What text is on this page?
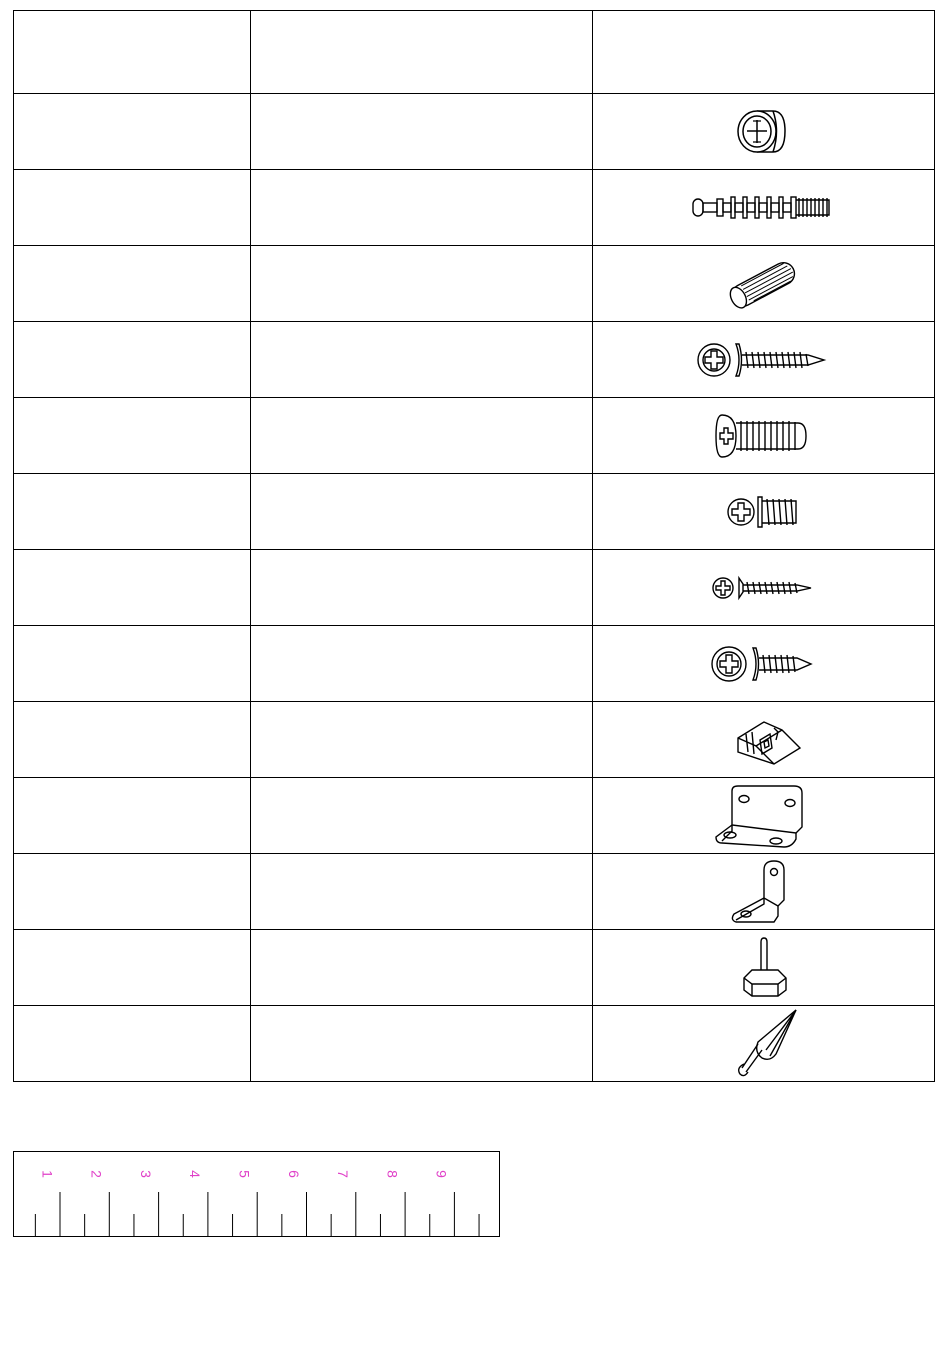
1 2 3 4 5 6 7 8 9
